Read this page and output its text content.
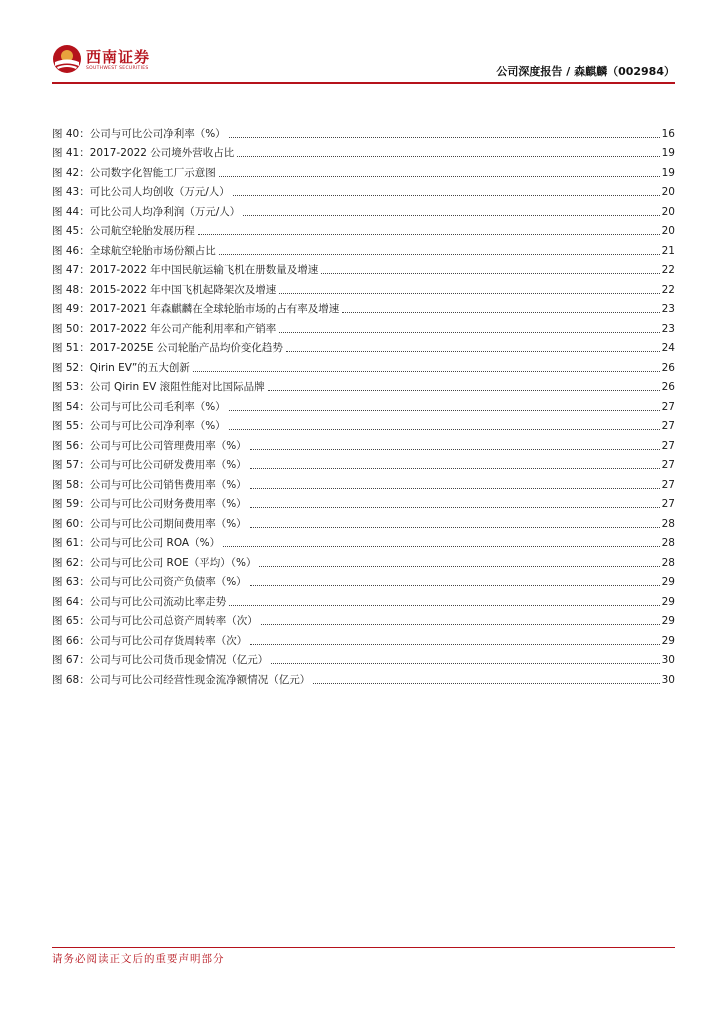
西南证券
SOUTHWEST SECURITIES	公司深度报告 / 森麒麟（002984）
图 40：公司与可比公司净利率（%）	16
图 41：2017-2022 公司境外营收占比	19
图 42：公司数字化智能工厂示意图	19
图 43：可比公司人均创收（万元/人）	20
图 44：可比公司人均净利润（万元/人）	20
图 45：公司航空轮胎发展历程	20
图 46：全球航空轮胎市场份额占比	21
图 47：2017-2022 年中国民航运输飞机在册数量及增速	22
图 48：2015-2022 年中国飞机起降架次及增速	22
图 49：2017-2021 年森麒麟在全球轮胎市场的占有率及增速	23
图 50：2017-2022 年公司产能利用率和产销率	23
图 51：2017-2025E 公司轮胎产品均价变化趋势	24
图 52：Qirin EV”的五大创新	26
图 53：公司 Qirin EV 滚阻性能对比国际品牌	26
图 54：公司与可比公司毛利率（%）	27
图 55：公司与可比公司净利率（%）	27
图 56：公司与可比公司管理费用率（%）	27
图 57：公司与可比公司研发费用率（%）	27
图 58：公司与可比公司销售费用率（%）	27
图 59：公司与可比公司财务费用率（%）	27
图 60：公司与可比公司期间费用率（%）	28
图 61：公司与可比公司 ROA（%）	28
图 62：公司与可比公司 ROE（平均）（%）	28
图 63：公司与可比公司资产负债率（%）	29
图 64：公司与可比公司流动比率走势	29
图 65：公司与可比公司总资产周转率（次）	29
图 66：公司与可比公司存货周转率（次）	29
图 67：公司与可比公司货币现金情况（亿元）	30
图 68：公司与可比公司经营性现金流净额情况（亿元）	30
请务必阅读正文后的重要声明部分
